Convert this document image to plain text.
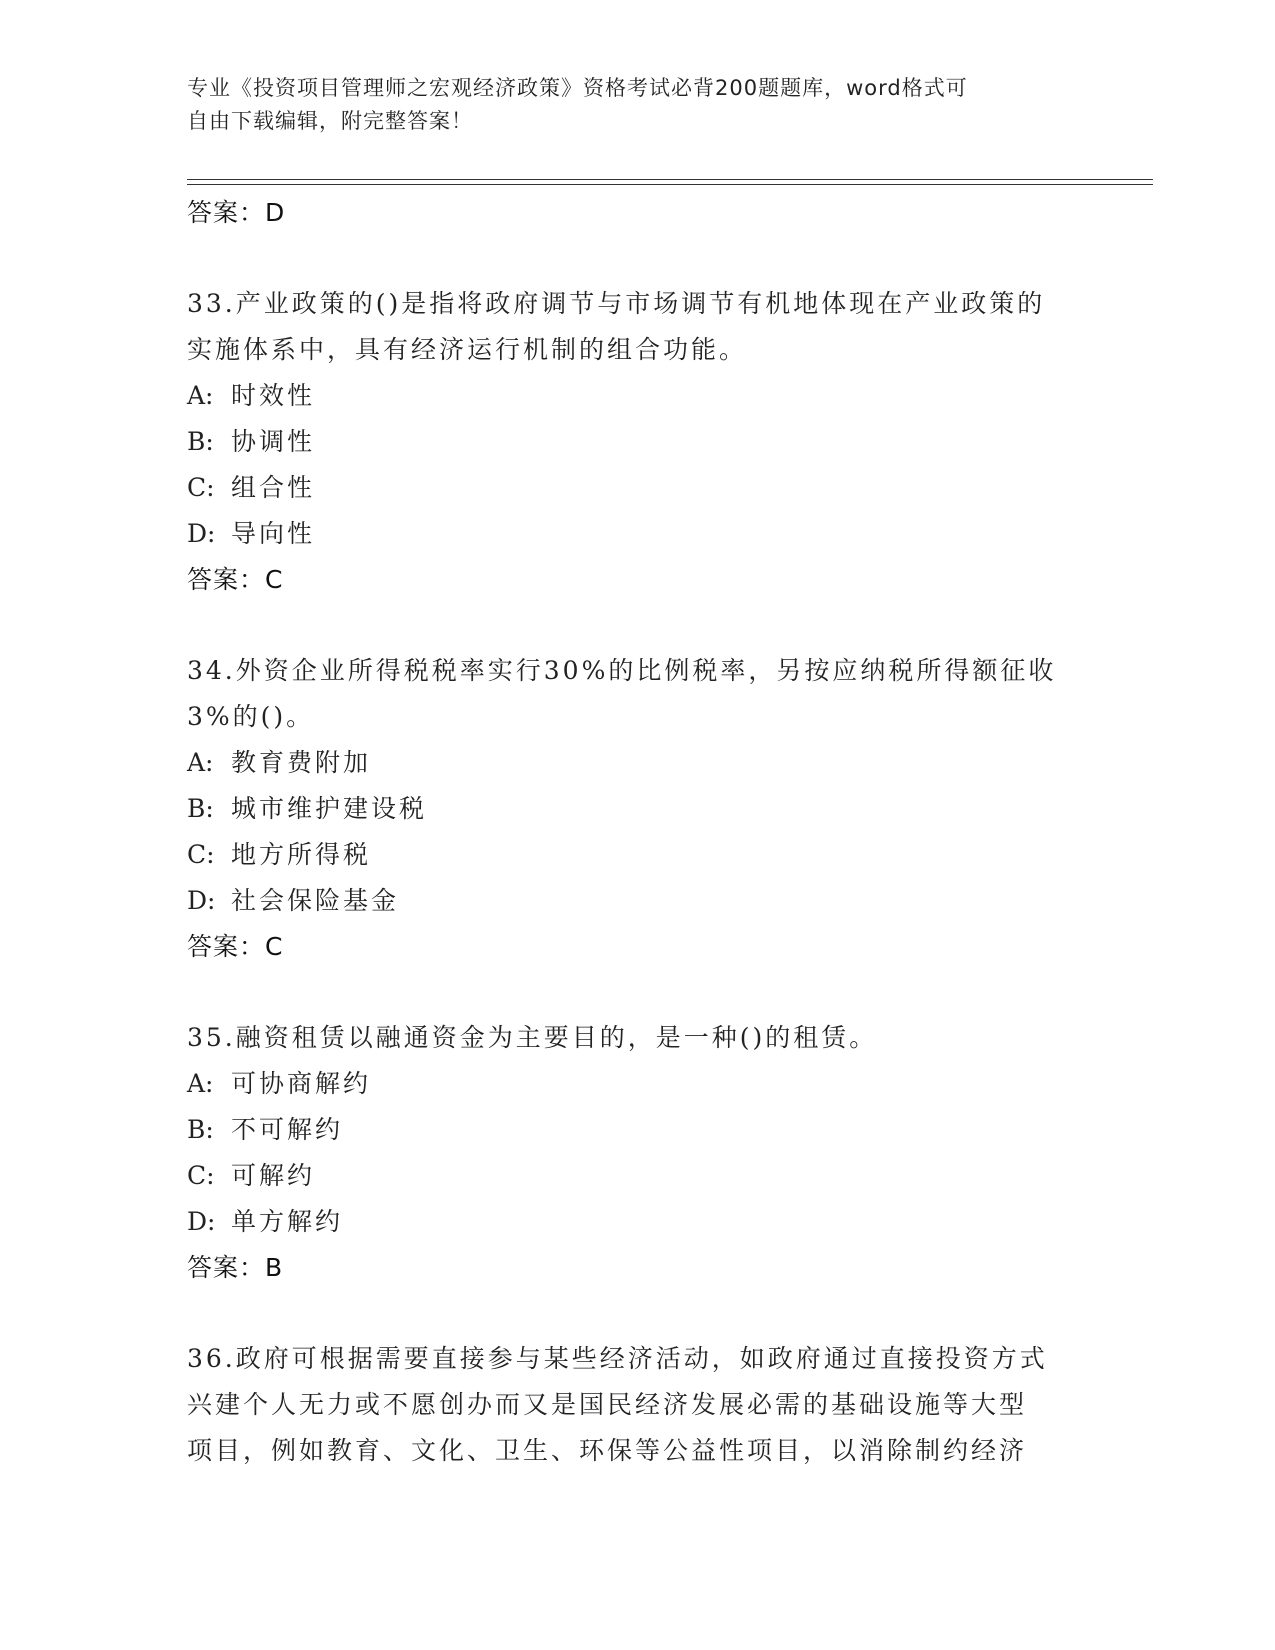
专业《投资项目管理师之宏观经济政策》资格考试必背200题题库，word格式可
自由下载编辑，附完整答案！
答案：D
33.产业政策的()是指将政府调节与市场调节有机地体现在产业政策的
实施体系中，具有经济运行机制的组合功能。
A: 时效性
B: 协调性
C: 组合性
D: 导向性
答案：C
34.外资企业所得税税率实行30%的比例税率，另按应纳税所得额征收
3%的()。
A: 教育费附加
B: 城市维护建设税
C: 地方所得税
D: 社会保险基金
答案：C
35.融资租赁以融通资金为主要目的，是一种()的租赁。
A: 可协商解约
B: 不可解约
C: 可解约
D: 单方解约
答案：B
36.政府可根据需要直接参与某些经济活动，如政府通过直接投资方式
兴建个人无力或不愿创办而又是国民经济发展必需的基础设施等大型
项目，例如教育、文化、卫生、环保等公益性项目，以消除制约经济
